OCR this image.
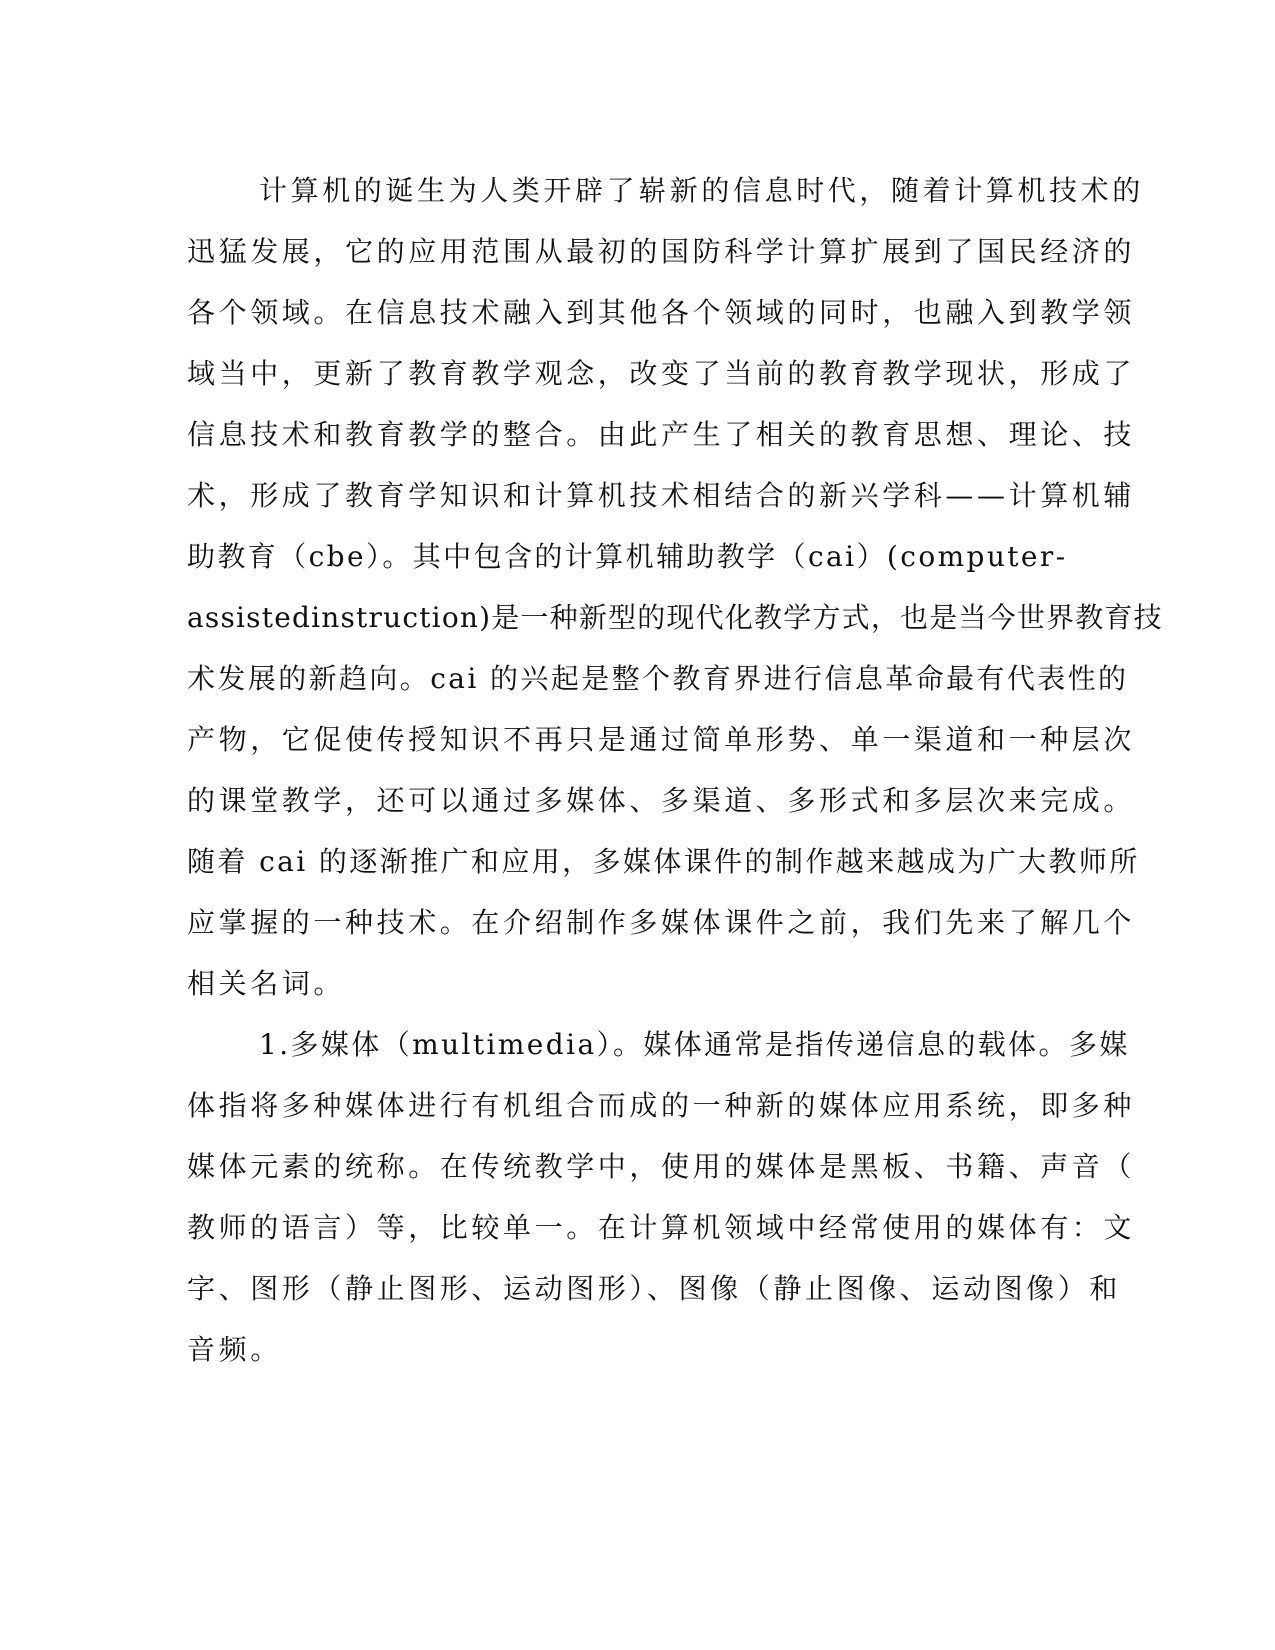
计算机的诞生为人类开辟了崭新的信息时代，随着计算机技术的
迅猛发展，它的应用范围从最初的国防科学计算扩展到了国民经济的
各个领域。在信息技术融入到其他各个领域的同时，也融入到教学领
域当中，更新了教育教学观念，改变了当前的教育教学现状，形成了
信息技术和教育教学的整合。由此产生了相关的教育思想、理论、技
术，形成了教育学知识和计算机技术相结合的新兴学科——计算机辅
助教育（cbe）。其中包含的计算机辅助教学（cai）(computer-
assistedinstruction)是一种新型的现代化教学方式，也是当今世界教育技
术发展的新趋向。cai 的兴起是整个教育界进行信息革命最有代表性的
产物，它促使传授知识不再只是通过简单形势、单一渠道和一种层次
的课堂教学，还可以通过多媒体、多渠道、多形式和多层次来完成。
随着 cai 的逐渐推广和应用，多媒体课件的制作越来越成为广大教师所
应掌握的一种技术。在介绍制作多媒体课件之前，我们先来了解几个
相关名词。
1.多媒体（multimedia）。媒体通常是指传递信息的载体。多媒
体指将多种媒体进行有机组合而成的一种新的媒体应用系统，即多种
媒体元素的统称。在传统教学中，使用的媒体是黑板、书籍、声音（
教师的语言）等，比较单一。在计算机领域中经常使用的媒体有：文
字、图形（静止图形、运动图形）、图像（静止图像、运动图像）和
音频。
